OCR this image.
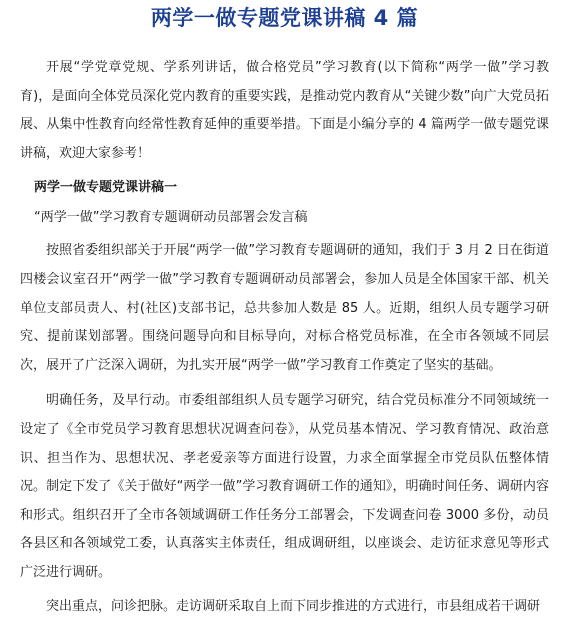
两学一做专题党课讲稿 4 篇

开展“学党章党规、学系列讲话，做合格党员”学习教育(以下简称“两学一做”学习教育)，是面向全体党员深化党内教育的重要实践，是推动党内教育从“关键少数”向广大党员拓展、从集中性教育向经常性教育延伸的重要举措。下面是小编分享的 4 篇两学一做专题党课讲稿，欢迎大家参考！

两学一做专题党课讲稿一

“两学一做”学习教育专题调研动员部署会发言稿

按照省委组织部关于开展“两学一做”学习教育专题调研的通知，我们于 3 月 2 日在街道四楼会议室召开“两学一做”学习教育专题调研动员部署会，参加人员是全体国家干部、机关单位支部员责人、村(社区)支部书记，总共参加人数是 85 人。近期，组织人员专题学习研究、提前谋划部署。围绕问题导向和目标导向，对标合格党员标准，在全市各领域不同层次，展开了广泛深入调研，为扎实开展“两学一做”学习教育工作奠定了坚实的基础。

明确任务，及早行动。市委组部组织人员专题学习研究，结合党员标准分不同领域统一设定了《全市党员学习教育思想状况调查问卷》，从党员基本情况、学习教育情况、政治意识、担当作为、思想状况、孝老爱亲等方面进行设置，力求全面掌握全市党员队伍整体情况。制定下发了《关于做好“两学一做”学习教育调研工作的通知》，明确时间任务、调研内容和形式。组织召开了全市各领域调研工作任务分工部署会，下发调查问卷 3000 多份，动员各县区和各领域党工委，认真落实主体责任，组成调研组，以座谈会、走访征求意见等形式广泛进行调研。

突出重点，问诊把脉。走访调研采取自上而下同步推进的方式进行，市县组成若干调研
